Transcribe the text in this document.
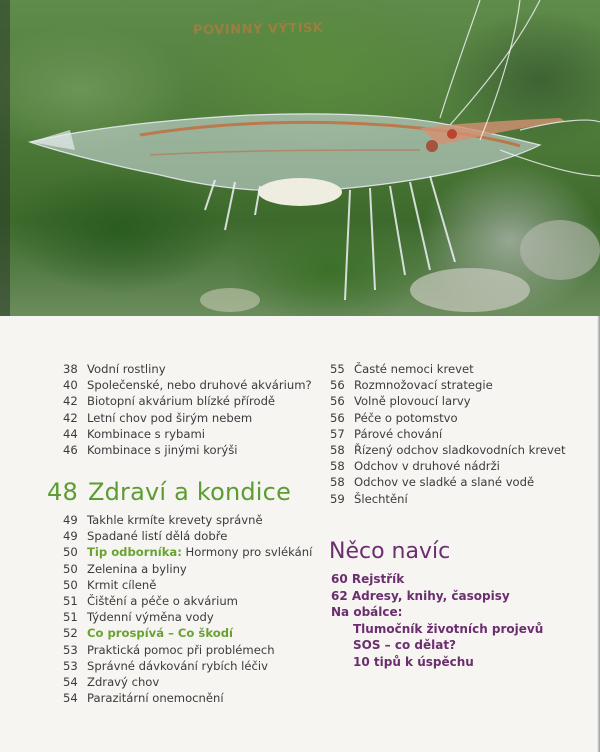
POVINNÝ VÝTISK
38 Vodní rostliny
40 Společenské, nebo druhové akvárium?
42 Biotopní akvárium blízké přírodě
42 Letní chov pod širým nebem
44 Kombinace s rybami
46 Kombinace s jinými korýši
48 Zdraví a kondice
49 Takhle krmíte krevety správně
49 Spadané listí dělá dobře
50 Tip odborníka: Hormony pro svlékání
50 Zelenina a byliny
50 Krmit cíleně
51 Čištění a péče o akvárium
51 Týdenní výměna vody
52 Co prospívá – Co škodí
53 Praktická pomoc při problémech
53 Správné dávkování rybích léčiv
54 Zdravý chov
54 Parazitární onemocnění
55 Časté nemoci krevet
56 Rozmnožovací strategie
56 Volně plovoucí larvy
56 Péče o potomstvo
57 Párové chování
58 Řízený odchov sladkovodních krevet
58 Odchov v druhové nádrži
58 Odchov ve sladké a slané vodě
59 Šlechtění
Něco navíc
60 Rejstřík
62 Adresy, knihy, časopisy
Na obálce:
Tlumočník životních projevů
SOS – co dělat?
10 tipů k úspěchu
